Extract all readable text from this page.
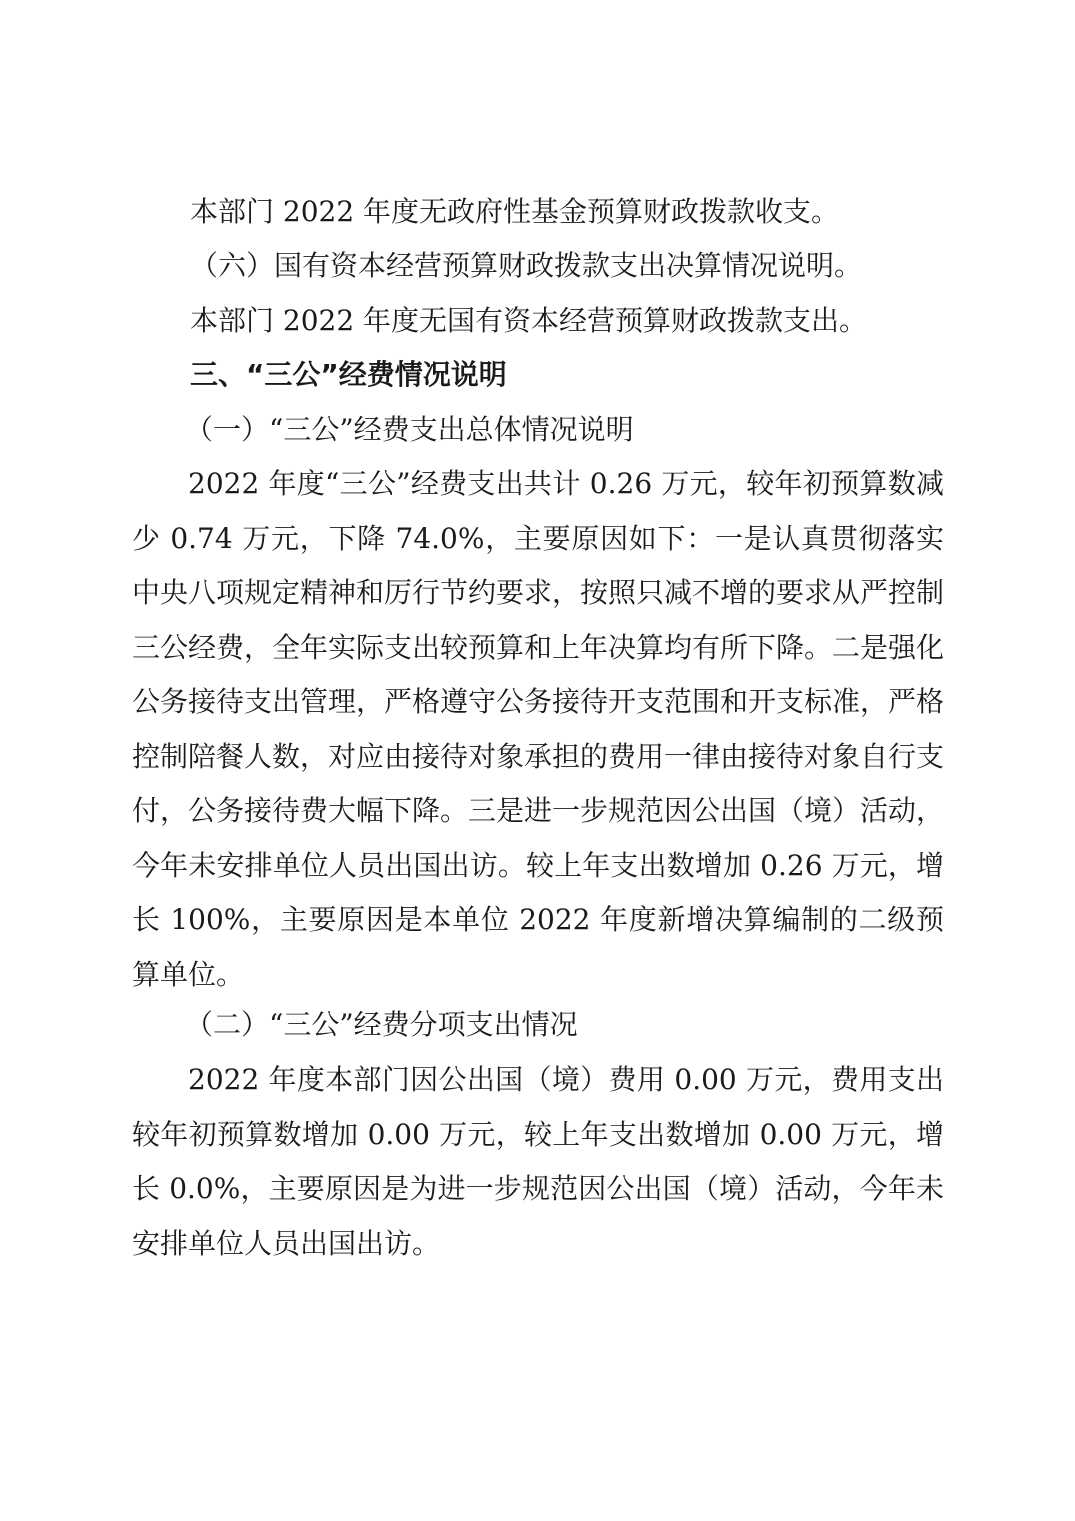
本部门 2022 年度无政府性基金预算财政拨款收支。
（六）国有资本经营预算财政拨款支出决算情况说明。
本部门 2022 年度无国有资本经营预算财政拨款支出。
三、“三公”经费情况说明
（一）“三公”经费支出总体情况说明
2022 年度“三公”经费支出共计 0.26 万元，较年初预算数减少 0.74 万元，下降 74.0%，主要原因如下：一是认真贯彻落实中央八项规定精神和厉行节约要求，按照只减不增的要求从严控制三公经费，全年实际支出较预算和上年决算均有所下降。二是强化公务接待支出管理，严格遵守公务接待开支范围和开支标准，严格控制陪餐人数，对应由接待对象承担的费用一律由接待对象自行支付，公务接待费大幅下降。三是进一步规范因公出国（境）活动，今年未安排单位人员出国出访。较上年支出数增加 0.26 万元，增长 100%，主要原因是本单位 2022 年度新增决算编制的二级预算单位。
（二）“三公”经费分项支出情况
2022 年度本部门因公出国（境）费用 0.00 万元，费用支出较年初预算数增加 0.00 万元，较上年支出数增加 0.00 万元，增长 0.0%，主要原因是为进一步规范因公出国（境）活动，今年未安排单位人员出国出访。
